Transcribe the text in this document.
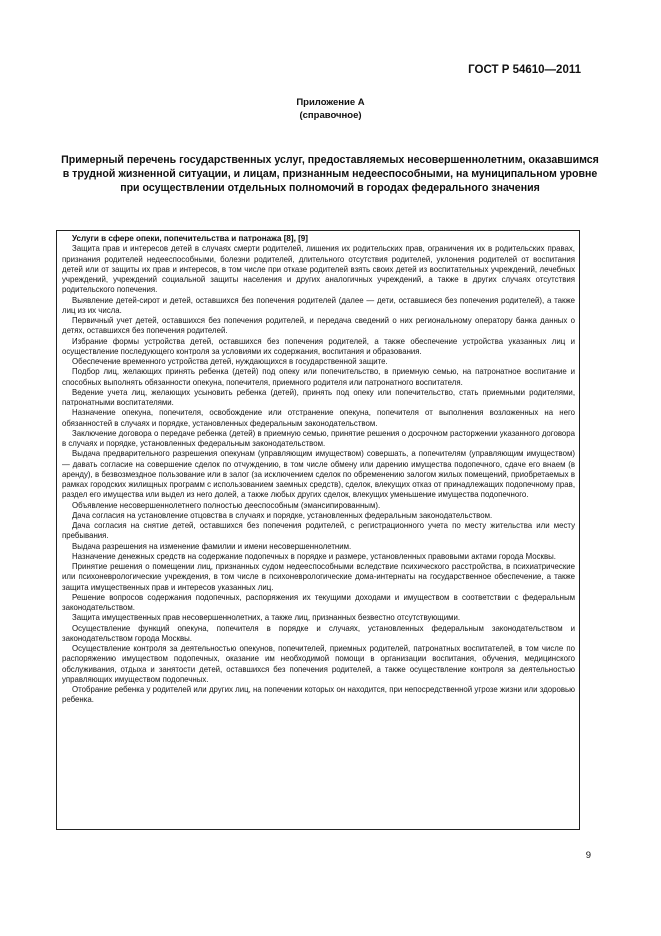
ГОСТ Р 54610—2011
Приложение А
(справочное)
Примерный перечень государственных услуг, предоставляемых несовершеннолетним, оказавшимся в трудной жизненной ситуации, и лицам, признанным недееспособными, на муниципальном уровне при осуществлении отдельных полномочий в городах федерального значения
Услуги в сфере опеки, попечительства и патронажа [8], [9]

Защита прав и интересов детей в случаях смерти родителей, лишения их родительских прав, ограничения их в родительских правах, признания родителей недееспособными, болезни родителей, длительного отсутствия родителей, уклонения родителей от воспитания детей или от защиты их прав и интересов, в том числе при отказе родителей взять своих детей из воспитательных учреждений, лечебных учреждений, учреждений социальной защиты населения и других аналогичных учреждений, а также в других случаях отсутствия родительского попечения.

Выявление детей-сирот и детей, оставшихся без попечения родителей (далее — дети, оставшиеся без попечения родителей), а также лиц из их числа.

Первичный учет детей, оставшихся без попечения родителей, и передача сведений о них региональному оператору банка данных о детях, оставшихся без попечения родителей.

Избрание формы устройства детей, оставшихся без попечения родителей, а также обеспечение устройства указанных лиц и осуществление последующего контроля за условиями их содержания, воспитания и образования.

Обеспечение временного устройства детей, нуждающихся в государственной защите.

Подбор лиц, желающих принять ребенка (детей) под опеку или попечительство, в приемную семью, на патронатное воспитание и способных выполнять обязанности опекуна, попечителя, приемного родителя или патронатного воспитателя.

Ведение учета лиц, желающих усыновить ребенка (детей), принять под опеку или попечительство, стать приемными родителями, патронатными воспитателями.

Назначение опекуна, попечителя, освобождение или отстранение опекуна, попечителя от выполнения возложенных на него обязанностей в случаях и порядке, установленных федеральным законодательством.

Заключение договора о передаче ребенка (детей) в приемную семью, принятие решения о досрочном расторжении указанного договора в случаях и порядке, установленных федеральным законодательством.

Выдача предварительного разрешения опекунам (управляющим имуществом) совершать, а попечителям (управляющим имуществом) — давать согласие на совершение сделок по отчуждению, в том числе обмену или дарению имущества подопечного, сдаче его внаем (в аренду), в безвозмездное пользование или в залог (за исключением сделок по обременению залогом жилых помещений, приобретаемых в рамках городских жилищных программ с использованием заемных средств), сделок, влекущих отказ от принадлежащих подопечному прав, раздел его имущества или выдел из него долей, а также любых других сделок, влекущих уменьшение имущества подопечного.

Объявление несовершеннолетнего полностью дееспособным (эмансипированным).

Дача согласия на установление отцовства в случаях и порядке, установленных федеральным законодательством.

Дача согласия на снятие детей, оставшихся без попечения родителей, с регистрационного учета по месту жительства или месту пребывания.

Выдача разрешения на изменение фамилии и имени несовершеннолетним.

Назначение денежных средств на содержание подопечных в порядке и размере, установленных правовыми актами города Москвы.

Принятие решения о помещении лиц, признанных судом недееспособными вследствие психического расстройства, в психиатрические или психоневрологические учреждения, в том числе в психоневрологические дома-интернаты на государственное обеспечение, а также защита имущественных прав и интересов указанных лиц.

Решение вопросов содержания подопечных, распоряжения их текущими доходами и имуществом в соответствии с федеральным законодательством.

Защита имущественных прав несовершеннолетних, а также лиц, признанных безвестно отсутствующими.

Осуществление функций опекуна, попечителя в порядке и случаях, установленных федеральным законодательством и законодательством города Москвы.

Осуществление контроля за деятельностью опекунов, попечителей, приемных родителей, патронатных воспитателей, в том числе по распоряжению имуществом подопечных, оказание им необходимой помощи в организации воспитания, обучения, медицинского обслуживания, отдыха и занятости детей, оставшихся без попечения родителей, а также осуществление контроля за деятельностью управляющих имуществом подопечных.

Отобрание ребенка у родителей или других лиц, на попечении которых он находится, при непосредственной угрозе жизни или здоровью ребенка.

9
